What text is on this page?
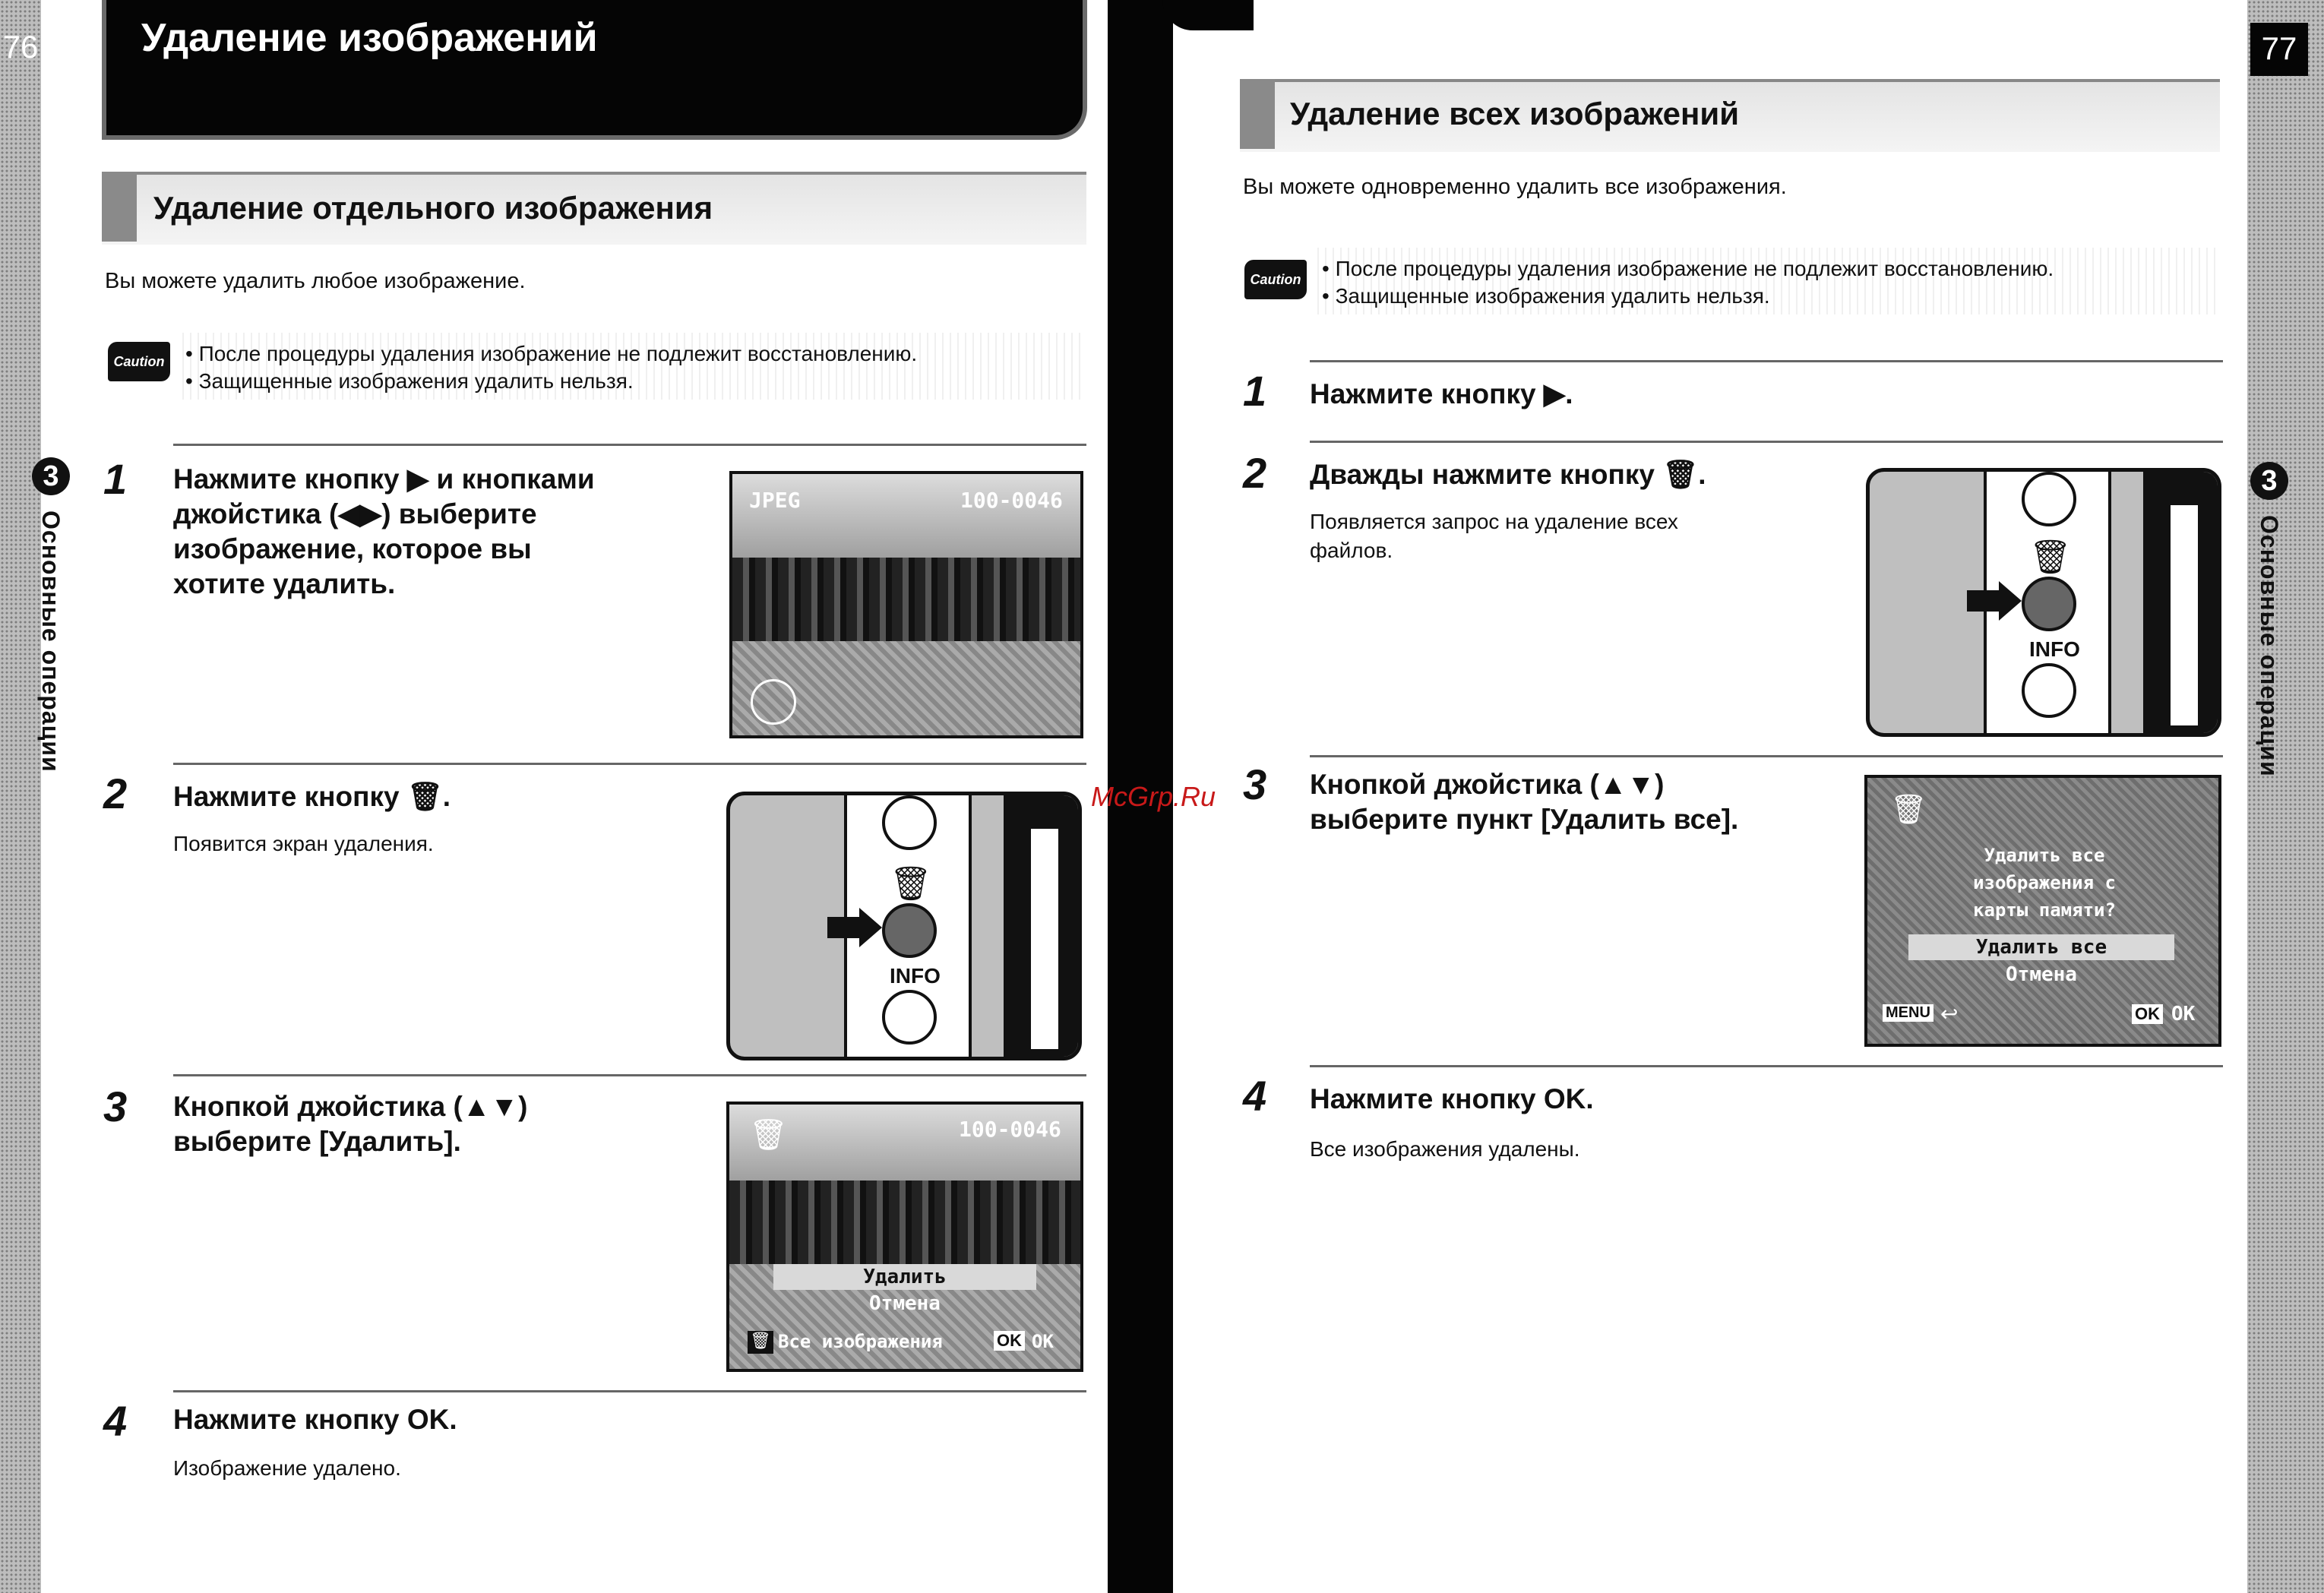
76
3
Основные операции
Удаление изображений
Удаление отдельного изображения
Вы можете удалить любое изображение.
Caution • После процедуры удаления изображение не подлежит восстановлению.
• Защищенные изображения удалить нельзя.
1 Нажмите кнопку ▶ и кнопками
джойстика (◀▶) выберите
изображение, которое вы
хотите удалить.
JPEG	100-0046
2 Нажмите кнопку 🗑.
Появится экран удаления.
🗑
INFO
3 Кнопкой джойстика (▲▼)
выберите [Удалить].	🗑	100-0046
Удалить
Отмена
🗑 Все изображения	OK OK
4 Нажмите кнопку OK.
Изображение удалено.
McGrp.Ru
77
3
Основные операции
Удаление всех изображений
Вы можете одновременно удалить все изображения.
Caution • После процедуры удаления изображение не подлежит восстановлению.
• Защищенные изображения удалить нельзя.
1 Нажмите кнопку ▶.
2 Дважды нажмите кнопку 🗑.
Появляется запрос на удаление всех
файлов.	🗑
INFO
3 Кнопкой джойстика (▲▼)
выберите пункт [Удалить все].	🗑
Удалить все
изображения с
карты памяти?
Удалить все
Отмена
MENU ↩	OK OK
4 Нажмите кнопку OK.
Все изображения удалены.
